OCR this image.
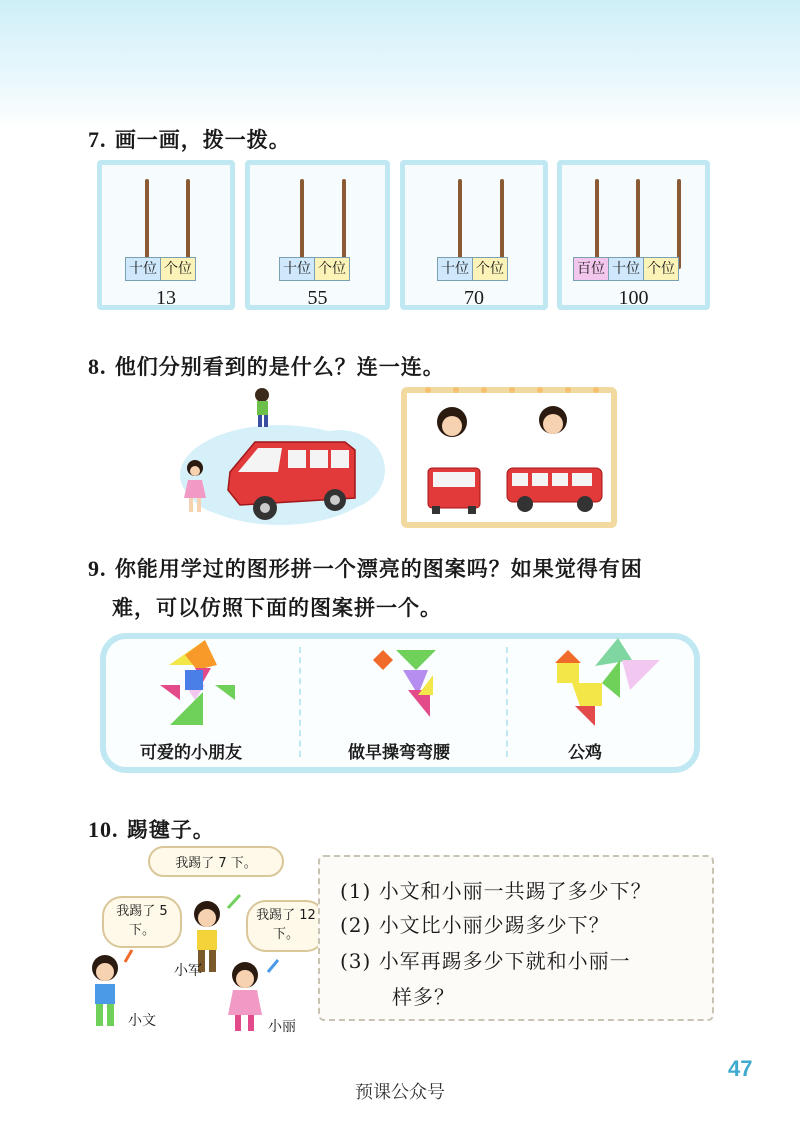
7. 画一画，拨一拨。
十位 个位
13
十位 个位
55
十位 个位
70
百位 十位 个位
100
8. 他们分别看到的是什么？连一连。
9. 你能用学过的图形拼一个漂亮的图案吗？如果觉得有困
难，可以仿照下面的图案拼一个。
可爱的小朋友	做早操弯弯腰	公鸡
10. 踢毽子。
我踢了 7 下。
我踢了 5 下。
我踢了 12 下。
小军
小文	小丽
(1) 小文和小丽一共踢了多少下？
(2) 小文比小丽少踢多少下？
(3) 小军再踢多少下就和小丽一
样多？
47
预课公众号
